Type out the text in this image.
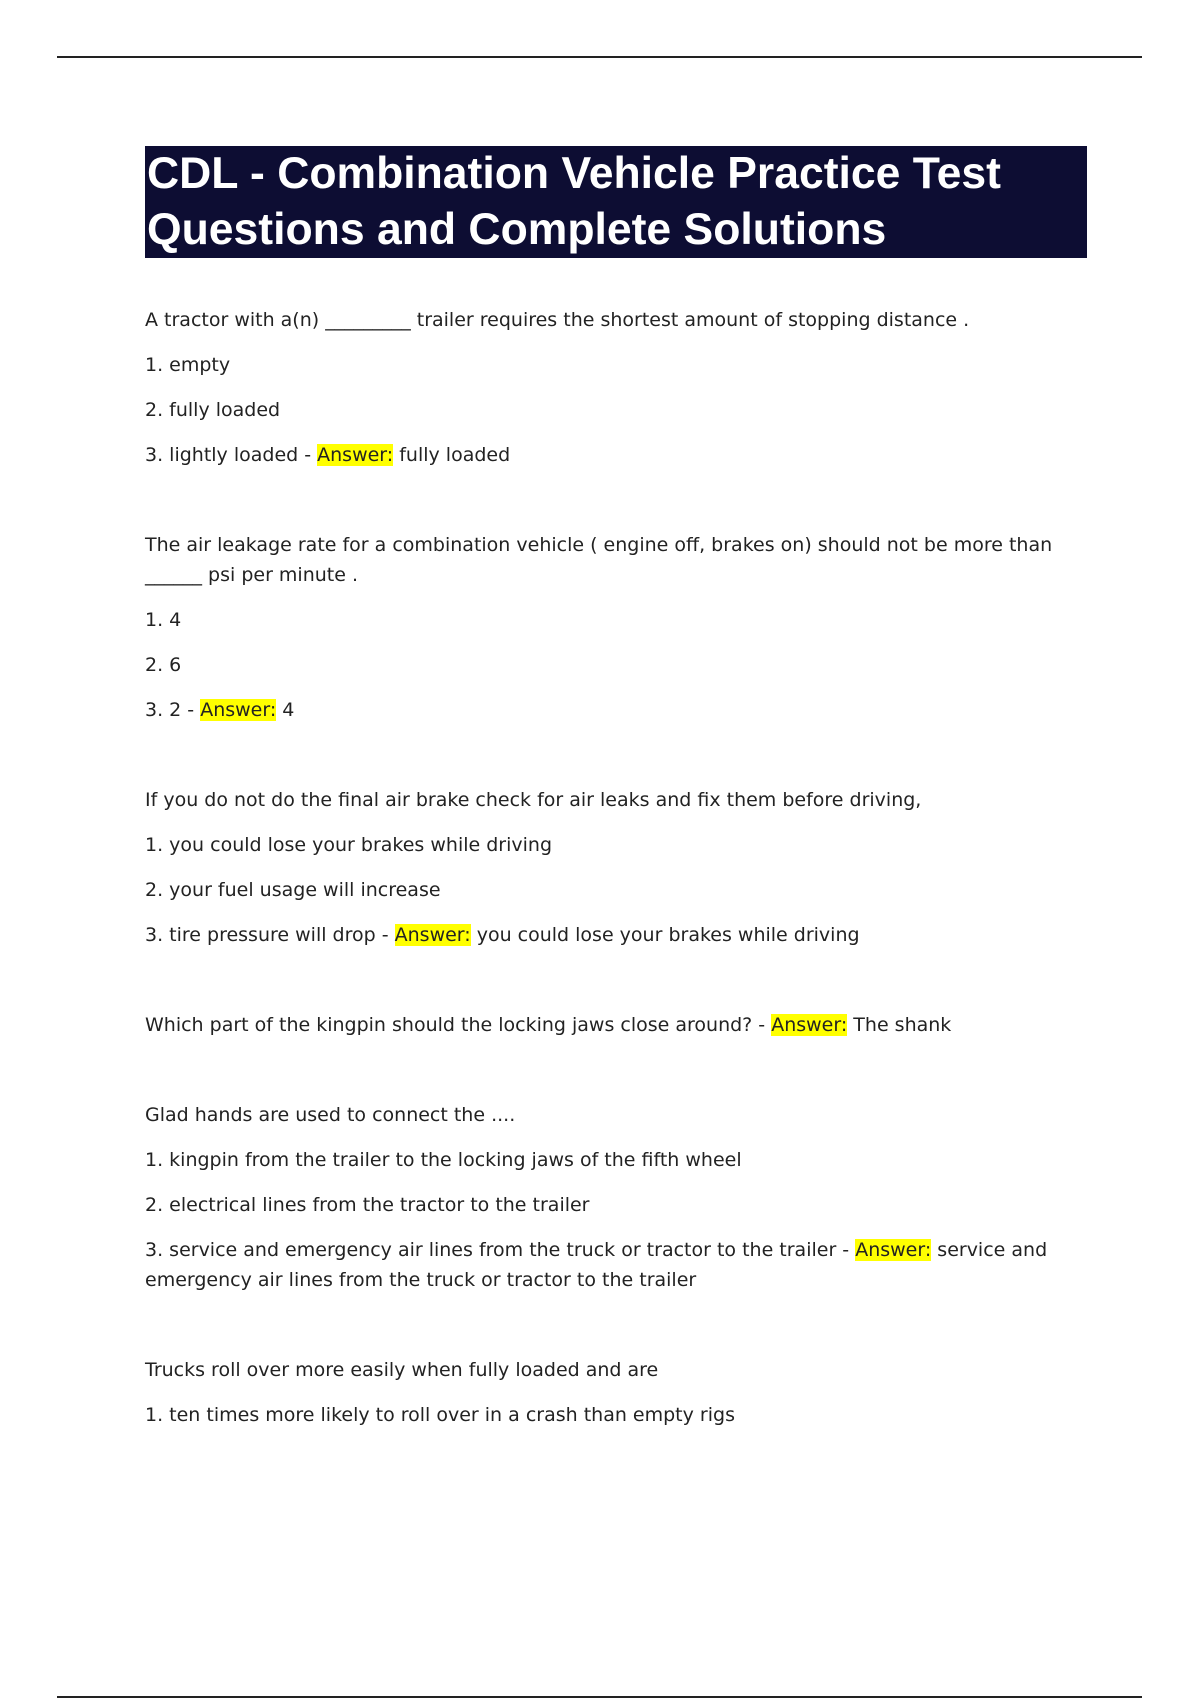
CDL - Combination Vehicle Practice Test
Questions and Complete Solutions

A tractor with a(n) _________ trailer requires the shortest amount of stopping distance .

1. empty

2. fully loaded

3. lightly loaded - Answer: fully loaded

The air leakage rate for a combination vehicle ( engine off, brakes on) should not be more than ______ psi per minute .

1. 4

2. 6

3. 2 - Answer: 4

If you do not do the final air brake check for air leaks and fix them before driving,

1. you could lose your brakes while driving

2. your fuel usage will increase

3. tire pressure will drop - Answer: you could lose your brakes while driving

Which part of the kingpin should the locking jaws close around? - Answer: The shank

Glad hands are used to connect the ....

1. kingpin from the trailer to the locking jaws of the fifth wheel

2. electrical lines from the tractor to the trailer

3. service and emergency air lines from the truck or tractor to the trailer - Answer: service and emergency air lines from the truck or tractor to the trailer

Trucks roll over more easily when fully loaded and are

1. ten times more likely to roll over in a crash than empty rigs
